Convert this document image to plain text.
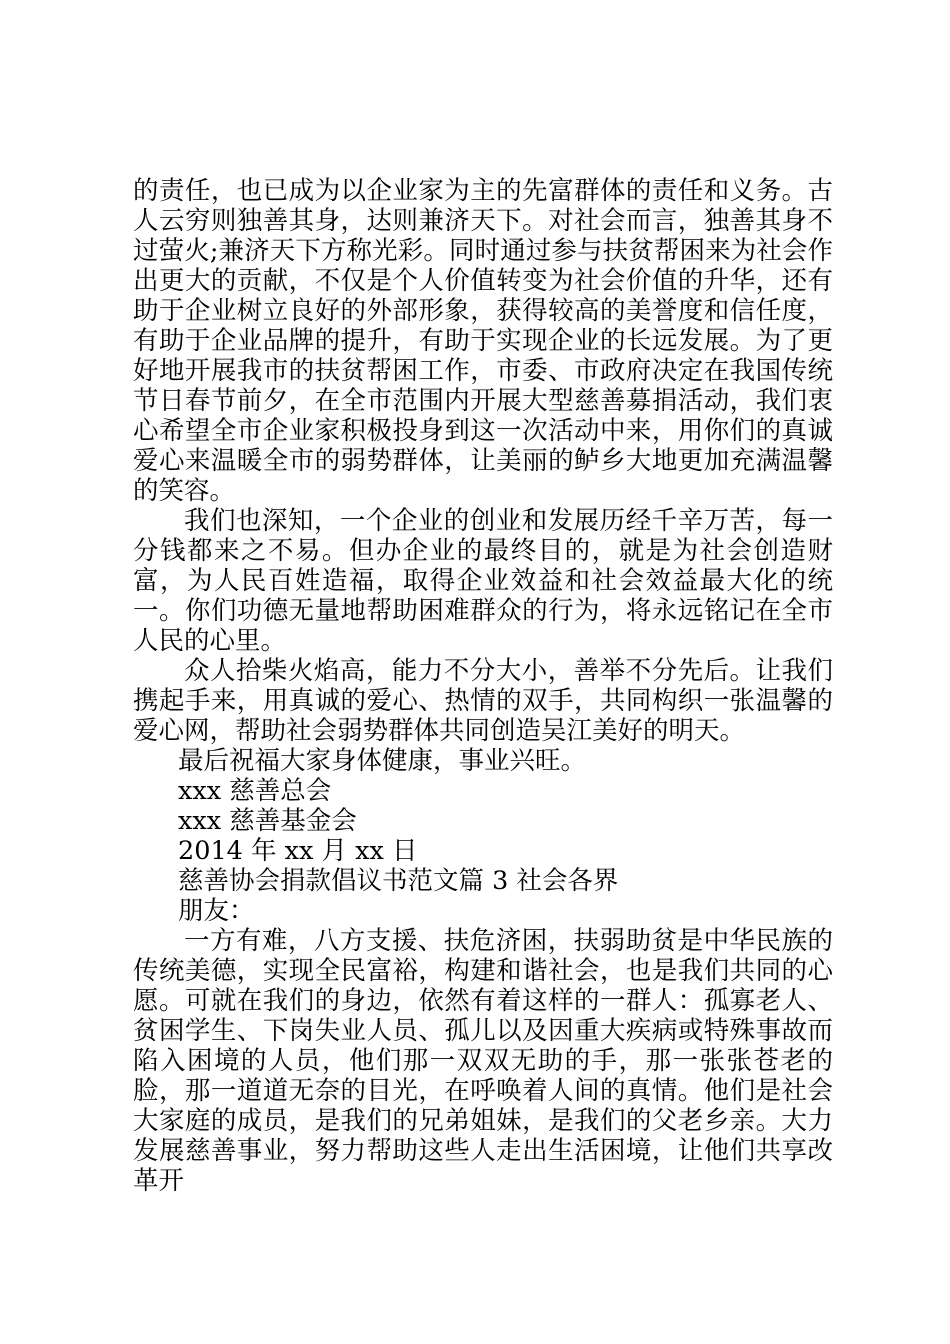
的责任，也已成为以企业家为主的先富群体的责任和义务。古人云穷则独善其身，达则兼济天下。对社会而言，独善其身不过萤火;兼济天下方称光彩。同时通过参与扶贫帮困来为社会作出更大的贡献，不仅是个人价值转变为社会价值的升华，还有助于企业树立良好的外部形象，获得较高的美誉度和信任度，有助于企业品牌的提升，有助于实现企业的长远发展。为了更好地开展我市的扶贫帮困工作，市委、市政府决定在我国传统节日春节前夕，在全市范围内开展大型慈善募捐活动，我们衷心希望全市企业家积极投身到这一次活动中来，用你们的真诚爱心来温暖全市的弱势群体，让美丽的鲈乡大地更加充满温馨的笑容。

我们也深知，一个企业的创业和发展历经千辛万苦，每一分钱都来之不易。但办企业的最终目的，就是为社会创造财富，为人民百姓造福，取得企业效益和社会效益最大化的统一。你们功德无量地帮助困难群众的行为，将永远铭记在全市人民的心里。

众人拾柴火焰高，能力不分大小，善举不分先后。让我们携起手来，用真诚的爱心、热情的双手，共同构织一张温馨的爱心网，帮助社会弱势群体共同创造吴江美好的明天。

最后祝福大家身体健康，事业兴旺。

xxx 慈善总会

xxx 慈善基金会

2014 年 xx 月 xx 日

慈善协会捐款倡议书范文篇 3 社会各界

朋友：

一方有难，八方支援、扶危济困，扶弱助贫是中华民族的传统美德，实现全民富裕，构建和谐社会，也是我们共同的心愿。可就在我们的身边，依然有着这样的一群人：孤寡老人、贫困学生、下岗失业人员、孤儿以及因重大疾病或特殊事故而陷入困境的人员，他们那一双双无助的手，那一张张苍老的脸，那一道道无奈的目光，在呼唤着人间的真情。他们是社会大家庭的成员，是我们的兄弟姐妹，是我们的父老乡亲。大力发展慈善事业，努力帮助这些人走出生活困境，让他们共享改革开
